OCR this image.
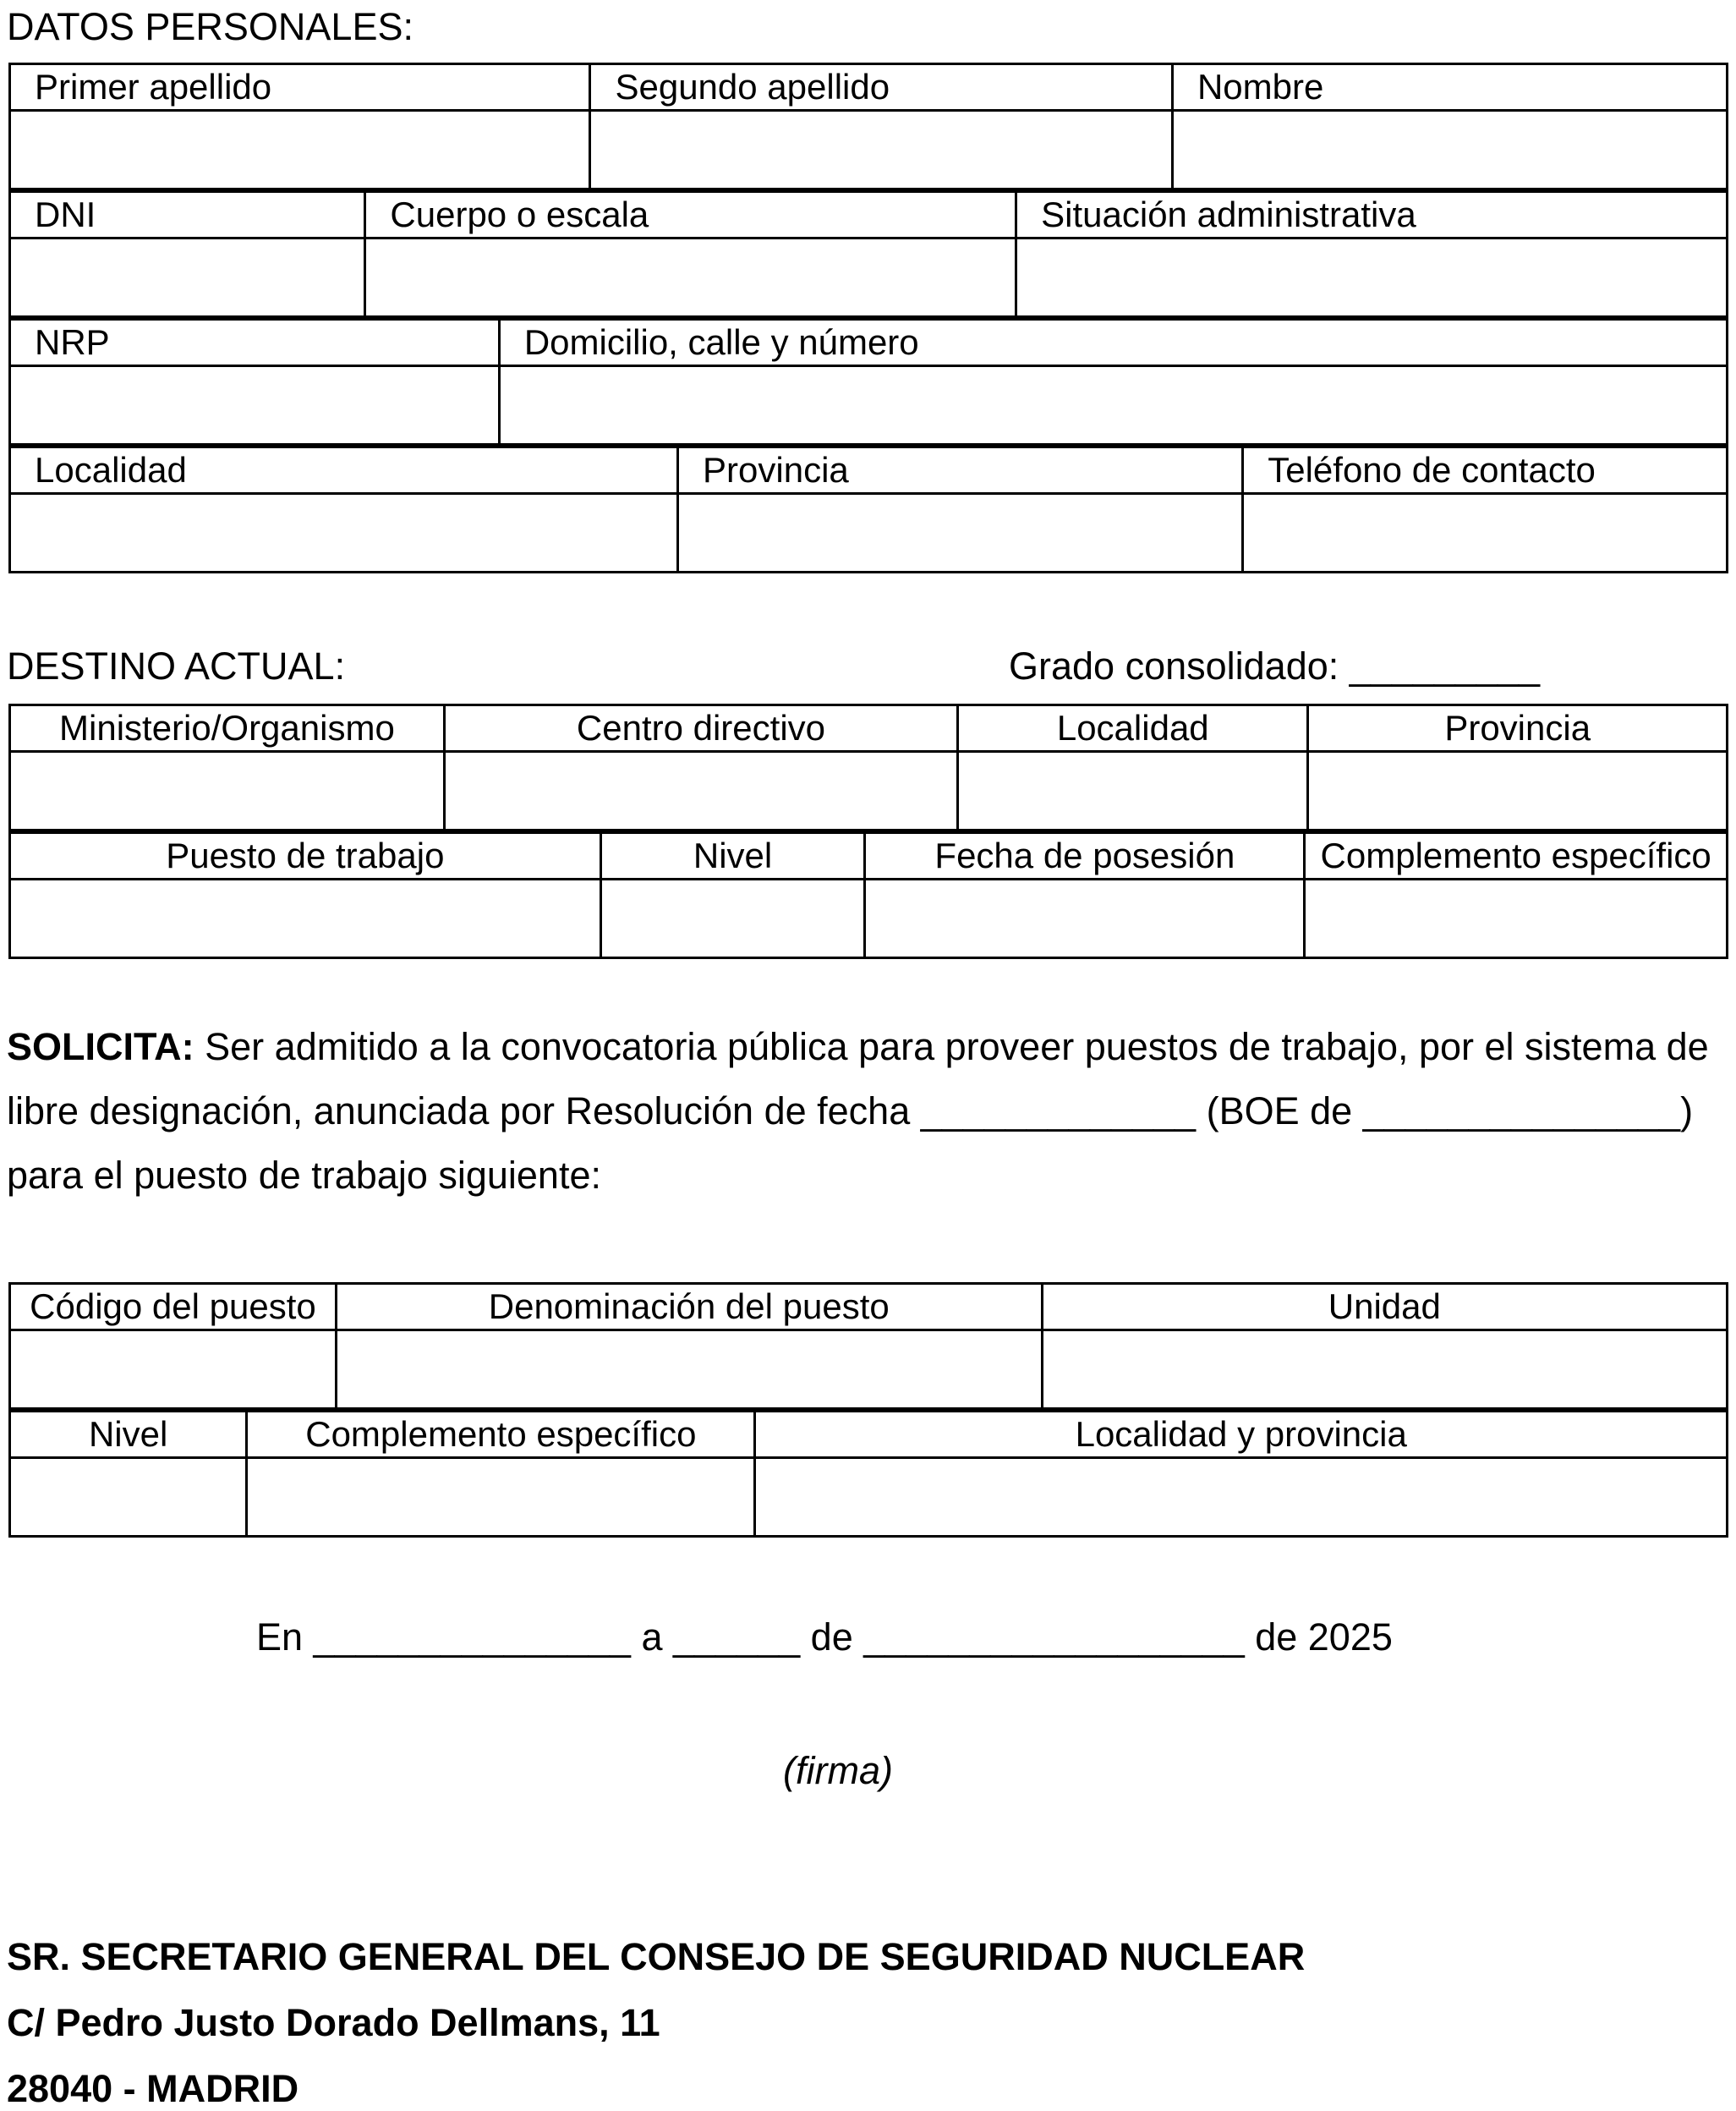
DATOS PERSONALES:
Primer apellido	Segundo apellido	Nombre

DNI	Cuerpo o escala	Situación administrativa

NRP	Domicilio, calle y número

Localidad	Provincia	Teléfono de contacto

DESTINO ACTUAL:	Grado consolidado: _________
Ministerio/Organismo	Centro directivo	Localidad	Provincia

Puesto de trabajo	Nivel	Fecha de posesión	Complemento específico

SOLICITA: Ser admitido a la convocatoria pública para proveer puestos de trabajo, por el sistema de
libre designación, anunciada por Resolución de fecha _____________ (BOE de _______________)
para el puesto de trabajo siguiente:
Código del puesto	Denominación del puesto	Unidad

Nivel	Complemento específico	Localidad y provincia

En _______________ a ______ de __________________ de 2025
(firma)
SR. SECRETARIO GENERAL DEL CONSEJO DE SEGURIDAD NUCLEAR
C/ Pedro Justo Dorado Dellmans, 11
28040 - MADRID
